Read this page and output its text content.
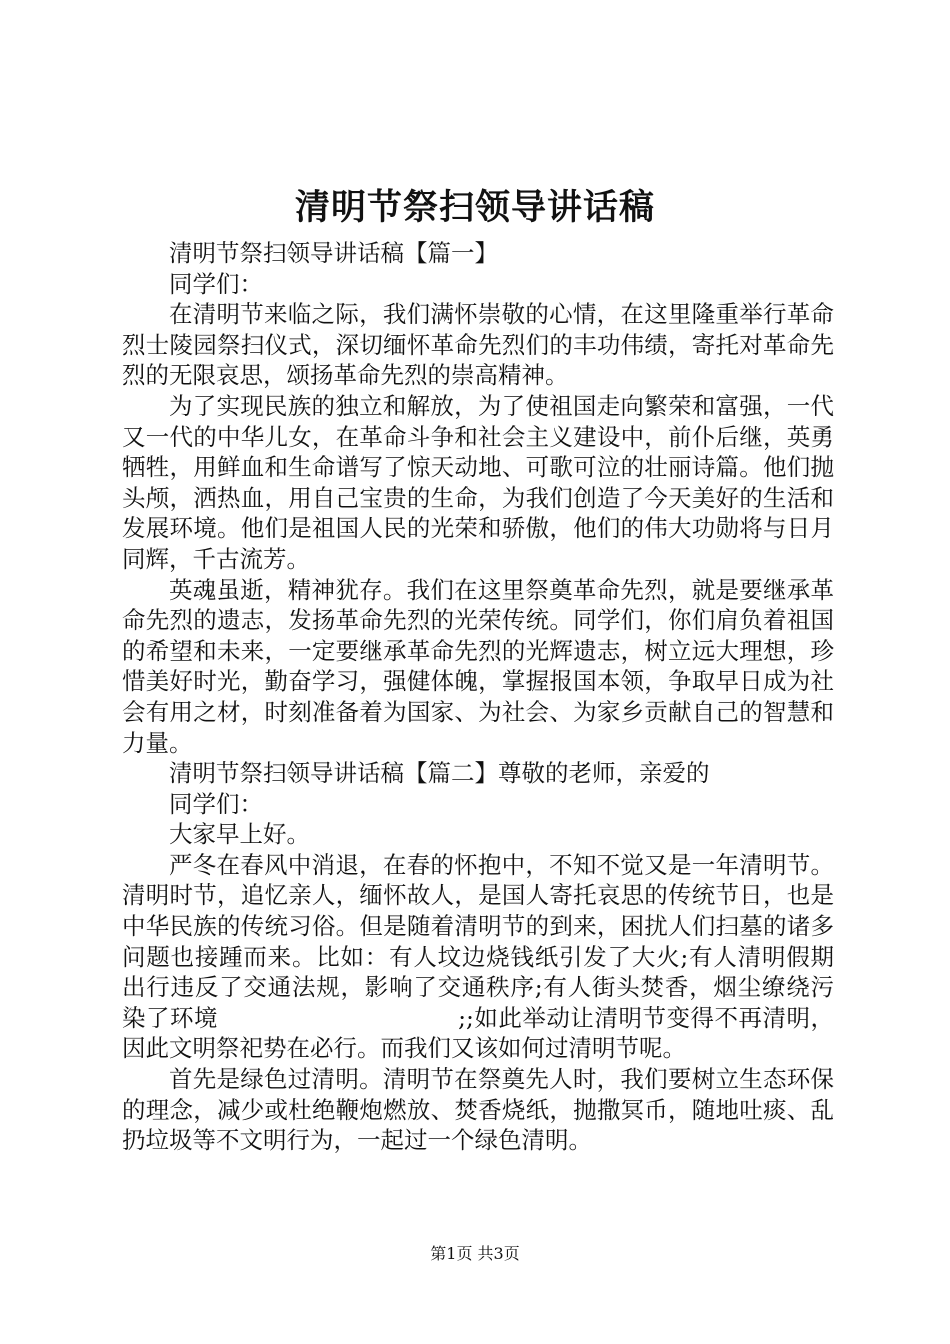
清明节祭扫领导讲话稿

清明节祭扫领导讲话稿【篇一】

同学们：

在清明节来临之际，我们满怀崇敬的心情，在这里隆重举行革命烈士陵园祭扫仪式，深切缅怀革命先烈们的丰功伟绩，寄托对革命先烈的无限哀思，颂扬革命先烈的崇高精神。

为了实现民族的独立和解放，为了使祖国走向繁荣和富强，一代又一代的中华儿女，在革命斗争和社会主义建设中，前仆后继，英勇牺牲，用鲜血和生命谱写了惊天动地、可歌可泣的壮丽诗篇。他们抛头颅，洒热血，用自己宝贵的生命，为我们创造了今天美好的生活和发展环境。他们是祖国人民的光荣和骄傲，他们的伟大功勋将与日月同辉，千古流芳。

英魂虽逝，精神犹存。我们在这里祭奠革命先烈，就是要继承革命先烈的遗志，发扬革命先烈的光荣传统。同学们，你们肩负着祖国的希望和未来，一定要继承革命先烈的光辉遗志，树立远大理想，珍惜美好时光，勤奋学习，强健体魄，掌握报国本领，争取早日成为社会有用之材，时刻准备着为国家、为社会、为家乡贡献自己的智慧和力量。

清明节祭扫领导讲话稿【篇二】尊敬的老师，亲爱的

同学们：

大家早上好。

严冬在春风中消退，在春的怀抱中，不知不觉又是一年清明节。清明时节，追忆亲人，缅怀故人，是国人寄托哀思的传统节日，也是中华民族的传统习俗。但是随着清明节的到来，困扰人们扫墓的诸多问题也接踵而来。比如：有人坟边烧钱纸引发了大火;有人清明假期出行违反了交通法规，影响了交通秩序;有人街头焚香，烟尘缭绕污染了环境　　　　　　　　　　;;如此举动让清明节变得不再清明，因此文明祭祀势在必行。而我们又该如何过清明节呢。

首先是绿色过清明。清明节在祭奠先人时，我们要树立生态环保的理念，减少或杜绝鞭炮燃放、焚香烧纸，抛撒冥币，随地吐痰、乱扔垃圾等不文明行为，一起过一个绿色清明。

第1页 共3页
